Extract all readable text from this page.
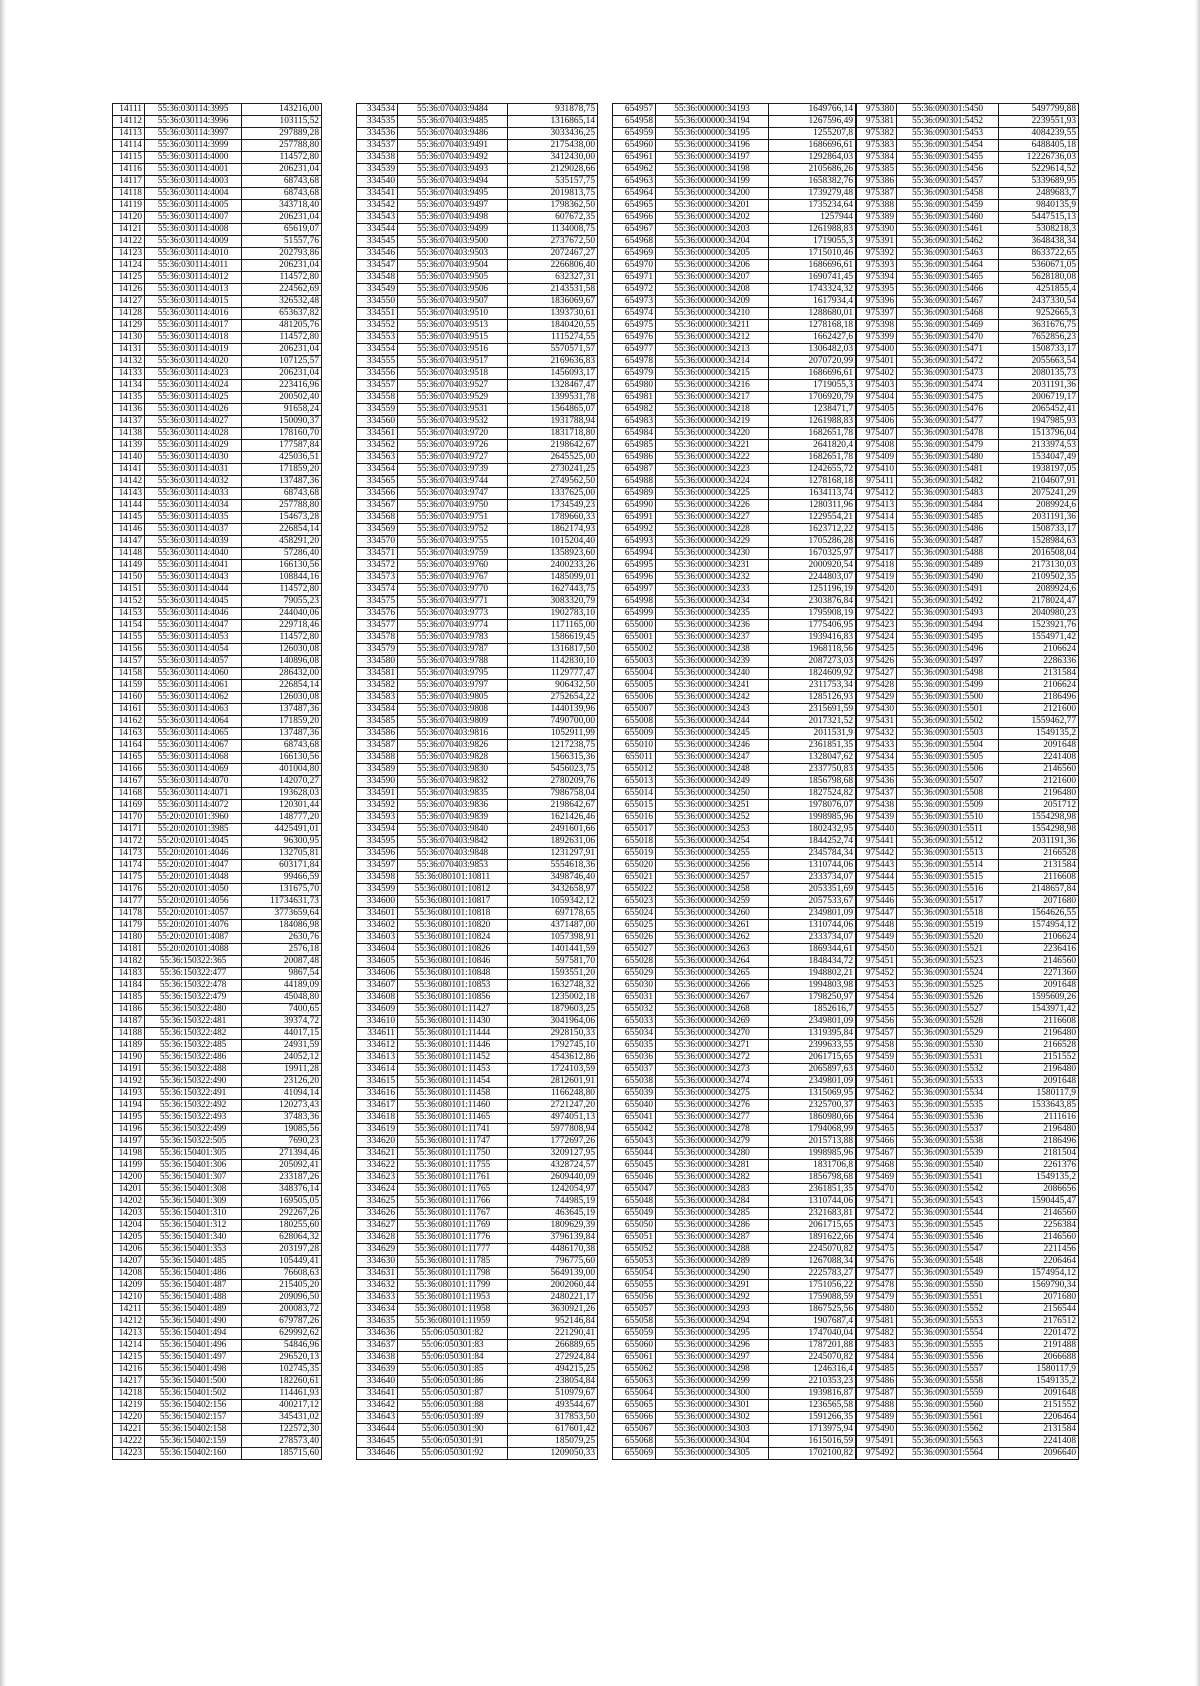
14111	55:36:030114:3995	143216,00
14112	55:36:030114:3996	103115,52
14113	55:36:030114:3997	297889,28
14114	55:36:030114:3999	257788,80
14115	55:36:030114:4000	114572,80
14116	55:36:030114:4001	206231,04
14117	55:36:030114:4003	68743,68
14118	55:36:030114:4004	68743,68
14119	55:36:030114:4005	343718,40
14120	55:36:030114:4007	206231,04
14121	55:36:030114:4008	65619,07
14122	55:36:030114:4009	51557,76
14123	55:36:030114:4010	202793,86
14124	55:36:030114:4011	206231,04
14125	55:36:030114:4012	114572,80
14126	55:36:030114:4013	224562,69
14127	55:36:030114:4015	326532,48
14128	55:36:030114:4016	653637,82
14129	55:36:030114:4017	481205,76
14130	55:36:030114:4018	114572,80
14131	55:36:030114:4019	206231,04
14132	55:36:030114:4020	107125,57
14133	55:36:030114:4023	206231,04
14134	55:36:030114:4024	223416,96
14135	55:36:030114:4025	200502,40
14136	55:36:030114:4026	91658,24
14137	55:36:030114:4027	150090,37
14138	55:36:030114:4028	178160,70
14139	55:36:030114:4029	177587,84
14140	55:36:030114:4030	425036,51
14141	55:36:030114:4031	171859,20
14142	55:36:030114:4032	137487,36
14143	55:36:030114:4033	68743,68
14144	55:36:030114:4034	257788,80
14145	55:36:030114:4035	154673,28
14146	55:36:030114:4037	226854,14
14147	55:36:030114:4039	458291,20
14148	55:36:030114:4040	57286,40
14149	55:36:030114:4041	166130,56
14150	55:36:030114:4043	108844,16
14151	55:36:030114:4044	114572,80
14152	55:36:030114:4045	79055,23
14153	55:36:030114:4046	244040,06
14154	55:36:030114:4047	229718,46
14155	55:36:030114:4053	114572,80
14156	55:36:030114:4054	126030,08
14157	55:36:030114:4057	140896,08
14158	55:36:030114:4060	286432,00
14159	55:36:030114:4061	226854,14
14160	55:36:030114:4062	126030,08
14161	55:36:030114:4063	137487,36
14162	55:36:030114:4064	171859,20
14163	55:36:030114:4065	137487,36
14164	55:36:030114:4067	68743,68
14165	55:36:030114:4068	166130,56
14166	55:36:030114:4069	401004,80
14167	55:36:030114:4070	142070,27
14168	55:36:030114:4071	193628,03
14169	55:36:030114:4072	120301,44
14170	55:20:020101:3960	148777,20
14171	55:20:020101:3985	4425491,01
14172	55:20:020101:4045	96300,95
14173	55:20:020101:4046	132705,81
14174	55:20:020101:4047	603171,84
14175	55:20:020101:4048	99466,59
14176	55:20:020101:4050	131675,70
14177	55:20:020101:4056	11734631,73
14178	55:20:020101:4057	3773659,64
14179	55:20:020101:4076	184086,98
14180	55:20:020101:4087	2630,76
14181	55:20:020101:4088	2576,18
14182	55:36:150322:365	20087,48
14183	55:36:150322:477	9867,54
14184	55:36:150322:478	44189,09
14185	55:36:150322:479	45048,80
14186	55:36:150322:480	7400,65
14187	55:36:150322:481	39374,72
14188	55:36:150322:482	44017,15
14189	55:36:150322:485	24931,59
14190	55:36:150322:486	24052,12
14191	55:36:150322:488	19911,28
14192	55:36:150322:490	23126,20
14193	55:36:150322:491	41094,14
14194	55:36:150322:492	120273,43
14195	55:36:150322:493	37483,36
14196	55:36:150322:499	19085,56
14197	55:36:150322:505	7690,23
14198	55:36:150401:305	271394,46
14199	55:36:150401:306	205092,41
14200	55:36:150401:307	233187,26
14201	55:36:150401:308	348376,14
14202	55:36:150401:309	169505,05
14203	55:36:150401:310	292267,26
14204	55:36:150401:312	180255,60
14205	55:36:150401:340	628064,32
14206	55:36:150401:353	203197,28
14207	55:36:150401:485	105449,41
14208	55:36:150401:486	76608,63
14209	55:36:150401:487	215405,20
14210	55:36:150401:488	209096,50
14211	55:36:150401:489	200083,72
14212	55:36:150401:490	679787,26
14213	55:36:150401:494	629992,62
14214	55:36:150401:496	54846,96
14215	55:36:150401:497	296520,13
14216	55:36:150401:498	102745,35
14217	55:36:150401:500	182260,61
14218	55:36:150401:502	114461,93
14219	55:36:150402:156	400217,12
14220	55:36:150402:157	345431,02
14221	55:36:150402:158	122572,30
14222	55:36:150402:159	278573,40
14223	55:36:150402:160	185715,60
334534	55:36:070403:9484	931878,75
334535	55:36:070403:9485	1316865,14
334536	55:36:070403:9486	3033436,25
334537	55:36:070403:9491	2175438,00
334538	55:36:070403:9492	3412430,00
334539	55:36:070403:9493	2129028,66
334540	55:36:070403:9494	535157,75
334541	55:36:070403:9495	2019813,75
334542	55:36:070403:9497	1798362,50
334543	55:36:070403:9498	607672,35
334544	55:36:070403:9499	1134008,75
334545	55:36:070403:9500	2737672,50
334546	55:36:070403:9503	2072467,27
334547	55:36:070403:9504	2266806,40
334548	55:36:070403:9505	632327,31
334549	55:36:070403:9506	2143531,58
334550	55:36:070403:9507	1836069,67
334551	55:36:070403:9510	1393730,61
334552	55:36:070403:9513	1840420,55
334553	55:36:070403:9515	1115274,55
334554	55:36:070403:9516	5570571,57
334555	55:36:070403:9517	2169636,83
334556	55:36:070403:9518	1456093,17
334557	55:36:070403:9527	1328467,47
334558	55:36:070403:9529	1399531,78
334559	55:36:070403:9531	1564865,07
334560	55:36:070403:9532	1931788,94
334561	55:36:070403:9720	1831718,80
334562	55:36:070403:9726	2198642,67
334563	55:36:070403:9727	2645525,00
334564	55:36:070403:9739	2730241,25
334565	55:36:070403:9744	2749562,50
334566	55:36:070403:9747	1337625,00
334567	55:36:070403:9750	1734549,23
334568	55:36:070403:9751	1789660,33
334569	55:36:070403:9752	1862174,93
334570	55:36:070403:9755	1015204,40
334571	55:36:070403:9759	1358923,60
334572	55:36:070403:9760	2400233,26
334573	55:36:070403:9767	1485099,01
334574	55:36:070403:9770	1627443,75
334575	55:36:070403:9771	3083320,79
334576	55:36:070403:9773	1902783,10
334577	55:36:070403:9774	1171165,00
334578	55:36:070403:9783	1586619,45
334579	55:36:070403:9787	1316817,50
334580	55:36:070403:9788	1142830,10
334581	55:36:070403:9795	1129777,47
334582	55:36:070403:9797	906432,50
334583	55:36:070403:9805	2752654,22
334584	55:36:070403:9808	1440139,96
334585	55:36:070403:9809	7490700,00
334586	55:36:070403:9816	1052911,99
334587	55:36:070403:9826	1217238,75
334588	55:36:070403:9828	1566315,36
334589	55:36:070403:9830	5456023,75
334590	55:36:070403:9832	2780209,76
334591	55:36:070403:9835	7986758,04
334592	55:36:070403:9836	2198642,67
334593	55:36:070403:9839	1621426,46
334594	55:36:070403:9840	2491601,66
334595	55:36:070403:9842	1892631,06
334596	55:36:070403:9848	1231297,91
334597	55:36:070403:9853	5554618,36
334598	55:36:080101:10811	3498746,40
334599	55:36:080101:10812	3432658,97
334600	55:36:080101:10817	1059342,12
334601	55:36:080101:10818	697178,65
334602	55:36:080101:10820	4371487,00
334603	55:36:080101:10824	1057398,91
334604	55:36:080101:10826	1401441,59
334605	55:36:080101:10846	597581,70
334606	55:36:080101:10848	1593551,20
334607	55:36:080101:10853	1632748,32
334608	55:36:080101:10856	1235002,18
334609	55:36:080101:11427	1879603,25
334610	55:36:080101:11430	3041964,06
334611	55:36:080101:11444	2928150,33
334612	55:36:080101:11446	1792745,10
334613	55:36:080101:11452	4543612,86
334614	55:36:080101:11453	1724103,59
334615	55:36:080101:11454	2812601,91
334616	55:36:080101:11458	1166248,80
334617	55:36:080101:11460	2721247,20
334618	55:36:080101:11465	4974051,13
334619	55:36:080101:11741	5977808,94
334620	55:36:080101:11747	1772697,26
334621	55:36:080101:11750	3209127,95
334622	55:36:080101:11755	4328724,57
334623	55:36:080101:11761	2609440,09
334624	55:36:080101:11765	1242054,97
334625	55:36:080101:11766	744985,19
334626	55:36:080101:11767	463645,19
334627	55:36:080101:11769	1809629,39
334628	55:36:080101:11776	3796139,84
334629	55:36:080101:11777	4486170,38
334630	55:36:080101:11785	796775,60
334631	55:36:080101:11798	5649139,00
334632	55:36:080101:11799	2002060,44
334633	55:36:080101:11953	2480221,17
334634	55:36:080101:11958	3630921,26
334635	55:36:080101:11959	952146,84
334636	55:06:050301:82	221290,41
334637	55:06:050301:83	266889,65
334638	55:06:050301:84	272924,84
334639	55:06:050301:85	494215,25
334640	55:06:050301:86	238054,84
334641	55:06:050301:87	510979,67
334642	55:06:050301:88	493544,67
334643	55:06:050301:89	317853,50
334644	55:06:050301:90	617601,42
334645	55:06:050301:91	185079,25
334646	55:06:050301:92	1209050,33
654957	55:36:000000:34193	1649766,14
654958	55:36:000000:34194	1267596,49
654959	55:36:000000:34195	1255207,8
654960	55:36:000000:34196	1686696,61
654961	55:36:000000:34197	1292864,03
654962	55:36:000000:34198	2105686,26
654963	55:36:000000:34199	1658382,76
654964	55:36:000000:34200	1739279,48
654965	55:36:000000:34201	1735234,64
654966	55:36:000000:34202	1257944
654967	55:36:000000:34203	1261988,83
654968	55:36:000000:34204	1719055,3
654969	55:36:000000:34205	1715010,46
654970	55:36:000000:34206	1686696,61
654971	55:36:000000:34207	1690741,45
654972	55:36:000000:34208	1743324,32
654973	55:36:000000:34209	1617934,4
654974	55:36:000000:34210	1288680,01
654975	55:36:000000:34211	1278168,18
654976	55:36:000000:34212	1662427,6
654977	55:36:000000:34213	1306482,03
654978	55:36:000000:34214	2070720,99
654979	55:36:000000:34215	1686696,61
654980	55:36:000000:34216	1719055,3
654981	55:36:000000:34217	1706920,79
654982	55:36:000000:34218	1238471,7
654983	55:36:000000:34219	1261988,83
654984	55:36:000000:34220	1682651,78
654985	55:36:000000:34221	2641820,4
654986	55:36:000000:34222	1682651,78
654987	55:36:000000:34223	1242655,72
654988	55:36:000000:34224	1278168,18
654989	55:36:000000:34225	1634113,74
654990	55:36:000000:34226	1280311,96
654991	55:36:000000:34227	1229554,21
654992	55:36:000000:34228	1623712,22
654993	55:36:000000:34229	1705286,28
654994	55:36:000000:34230	1670325,97
654995	55:36:000000:34231	2000920,54
654996	55:36:000000:34232	2244803,07
654997	55:36:000000:34233	1251196,19
654998	55:36:000000:34234	2303876,84
654999	55:36:000000:34235	1795908,19
655000	55:36:000000:34236	1775406,95
655001	55:36:000000:34237	1939416,83
655002	55:36:000000:34238	1968118,56
655003	55:36:000000:34239	2087273,03
655004	55:36:000000:34240	1824609,92
655005	55:36:000000:34241	2311753,34
655006	55:36:000000:34242	1285126,93
655007	55:36:000000:34243	2315691,59
655008	55:36:000000:34244	2017321,52
655009	55:36:000000:34245	2011531,9
655010	55:36:000000:34246	2361851,35
655011	55:36:000000:34247	1328047,62
655012	55:36:000000:34248	2337750,83
655013	55:36:000000:34249	1856798,68
655014	55:36:000000:34250	1827524,82
655015	55:36:000000:34251	1978076,07
655016	55:36:000000:34252	1998985,96
655017	55:36:000000:34253	1802432,95
655018	55:36:000000:34254	1844252,74
655019	55:36:000000:34255	2345784,34
655020	55:36:000000:34256	1310744,06
655021	55:36:000000:34257	2333734,07
655022	55:36:000000:34258	2053351,69
655023	55:36:000000:34259	2057533,67
655024	55:36:000000:34260	2349801,09
655025	55:36:000000:34261	1310744,06
655026	55:36:000000:34262	2333734,07
655027	55:36:000000:34263	1869344,61
655028	55:36:000000:34264	1848434,72
655029	55:36:000000:34265	1948802,21
655030	55:36:000000:34266	1994803,98
655031	55:36:000000:34267	1798250,97
655032	55:36:000000:34268	1852616,7
655033	55:36:000000:34269	2349801,09
655034	55:36:000000:34270	1319395,84
655035	55:36:000000:34271	2399633,55
655036	55:36:000000:34272	2061715,65
655037	55:36:000000:34273	2065897,63
655038	55:36:000000:34274	2349801,09
655039	55:36:000000:34275	1315069,95
655040	55:36:000000:34276	2325700,37
655041	55:36:000000:34277	1860980,66
655042	55:36:000000:34278	1794068,99
655043	55:36:000000:34279	2015713,88
655044	55:36:000000:34280	1998985,96
655045	55:36:000000:34281	1831706,8
655046	55:36:000000:34282	1856798,68
655047	55:36:000000:34283	2361851,35
655048	55:36:000000:34284	1310744,06
655049	55:36:000000:34285	2321683,81
655050	55:36:000000:34286	2061715,65
655051	55:36:000000:34287	1891622,66
655052	55:36:000000:34288	2245070,82
655053	55:36:000000:34289	1267088,34
655054	55:36:000000:34290	2225783,27
655055	55:36:000000:34291	1751056,22
655056	55:36:000000:34292	1759088,59
655057	55:36:000000:34293	1867525,56
655058	55:36:000000:34294	1907687,4
655059	55:36:000000:34295	1747040,04
655060	55:36:000000:34296	1787201,88
655061	55:36:000000:34297	2245070,82
655062	55:36:000000:34298	1246316,4
655063	55:36:000000:34299	2210353,23
655064	55:36:000000:34300	1939816,87
655065	55:36:000000:34301	1236565,58
655066	55:36:000000:34302	1591266,35
655067	55:36:000000:34303	1713975,94
655068	55:36:000000:34304	1615016,59
655069	55:36:000000:34305	1702100,82
975380	55:36:090301:5450	5497799,88
975381	55:36:090301:5452	2239551,93
975382	55:36:090301:5453	4084239,55
975383	55:36:090301:5454	6488405,18
975384	55:36:090301:5455	12226736,03
975385	55:36:090301:5456	5229614,52
975386	55:36:090301:5457	5339689,95
975387	55:36:090301:5458	2489683,7
975388	55:36:090301:5459	9840135,9
975389	55:36:090301:5460	5447515,13
975390	55:36:090301:5461	5308218,3
975391	55:36:090301:5462	3648438,34
975392	55:36:090301:5463	8633722,65
975393	55:36:090301:5464	5360671,05
975394	55:36:090301:5465	5628180,08
975395	55:36:090301:5466	4251855,4
975396	55:36:090301:5467	2437330,54
975397	55:36:090301:5468	9252665,3
975398	55:36:090301:5469	3631676,75
975399	55:36:090301:5470	7652856,23
975400	55:36:090301:5471	1508733,17
975401	55:36:090301:5472	2055663,54
975402	55:36:090301:5473	2080135,73
975403	55:36:090301:5474	2031191,36
975404	55:36:090301:5475	2006719,17
975405	55:36:090301:5476	2065452,41
975406	55:36:090301:5477	1947985,93
975407	55:36:090301:5478	1513796,04
975408	55:36:090301:5479	2133974,53
975409	55:36:090301:5480	1534047,49
975410	55:36:090301:5481	1938197,05
975411	55:36:090301:5482	2104607,91
975412	55:36:090301:5483	2075241,29
975413	55:36:090301:5484	2089924,6
975414	55:36:090301:5485	2031191,36
975415	55:36:090301:5486	1508733,17
975416	55:36:090301:5487	1528984,63
975417	55:36:090301:5488	2016508,04
975418	55:36:090301:5489	2173130,03
975419	55:36:090301:5490	2109502,35
975420	55:36:090301:5491	2089924,6
975421	55:36:090301:5492	2178024,47
975422	55:36:090301:5493	2040980,23
975423	55:36:090301:5494	1523921,76
975424	55:36:090301:5495	1554971,42
975425	55:36:090301:5496	2106624
975426	55:36:090301:5497	2286336
975427	55:36:090301:5498	2131584
975428	55:36:090301:5499	2106624
975429	55:36:090301:5500	2186496
975430	55:36:090301:5501	2121600
975431	55:36:090301:5502	1559462,77
975432	55:36:090301:5503	1549135,2
975433	55:36:090301:5504	2091648
975434	55:36:090301:5505	2241408
975435	55:36:090301:5506	2146560
975436	55:36:090301:5507	2121600
975437	55:36:090301:5508	2196480
975438	55:36:090301:5509	2051712
975439	55:36:090301:5510	1554298,98
975440	55:36:090301:5511	1554298,98
975441	55:36:090301:5512	2031191,36
975442	55:36:090301:5513	2166528
975443	55:36:090301:5514	2131584
975444	55:36:090301:5515	2116608
975445	55:36:090301:5516	2148657,84
975446	55:36:090301:5517	2071680
975447	55:36:090301:5518	1564626,55
975448	55:36:090301:5519	1574954,12
975449	55:36:090301:5520	2106624
975450	55:36:090301:5521	2236416
975451	55:36:090301:5523	2146560
975452	55:36:090301:5524	2271360
975453	55:36:090301:5525	2091648
975454	55:36:090301:5526	1595609,26
975455	55:36:090301:5527	1543971,42
975456	55:36:090301:5528	2116608
975457	55:36:090301:5529	2196480
975458	55:36:090301:5530	2166528
975459	55:36:090301:5531	2151552
975460	55:36:090301:5532	2196480
975461	55:36:090301:5533	2091648
975462	55:36:090301:5534	1580117,9
975463	55:36:090301:5535	1533643,85
975464	55:36:090301:5536	2111616
975465	55:36:090301:5537	2196480
975466	55:36:090301:5538	2186496
975467	55:36:090301:5539	2181504
975468	55:36:090301:5540	2261376
975469	55:36:090301:5541	1549135,2
975470	55:36:090301:5542	2086656
975471	55:36:090301:5543	1590445,47
975472	55:36:090301:5544	2146560
975473	55:36:090301:5545	2256384
975474	55:36:090301:5546	2146560
975475	55:36:090301:5547	2211456
975476	55:36:090301:5548	2206464
975477	55:36:090301:5549	1574954,12
975478	55:36:090301:5550	1569790,34
975479	55:36:090301:5551	2071680
975480	55:36:090301:5552	2156544
975481	55:36:090301:5553	2176512
975482	55:36:090301:5554	2201472
975483	55:36:090301:5555	2191488
975484	55:36:090301:5556	2066688
975485	55:36:090301:5557	1580117,9
975486	55:36:090301:5558	1549135,2
975487	55:36:090301:5559	2091648
975488	55:36:090301:5560	2151552
975489	55:36:090301:5561	2206464
975490	55:36:090301:5562	2131584
975491	55:36:090301:5563	2241408
975492	55:36:090301:5564	2096640
